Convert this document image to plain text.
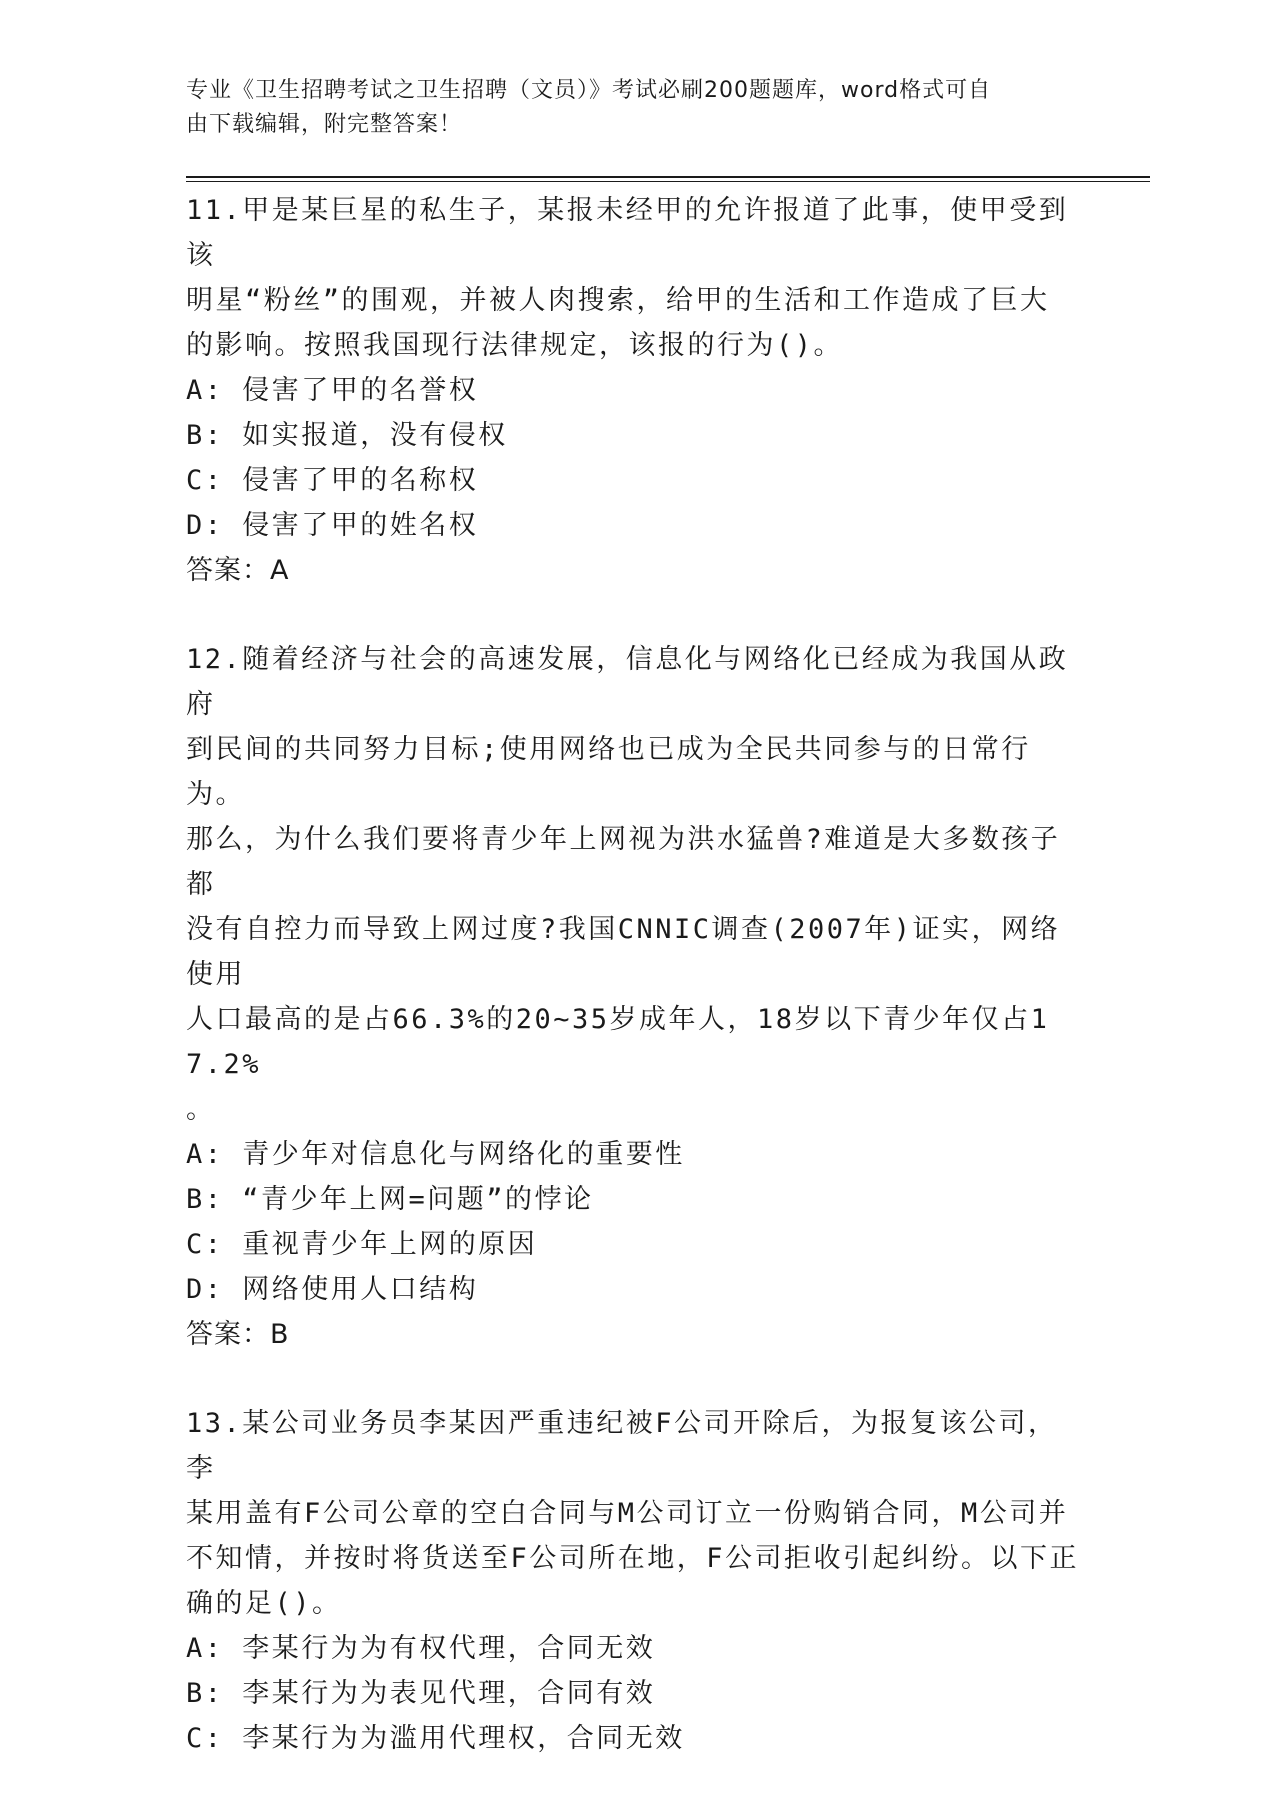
专业《卫生招聘考试之卫生招聘（文员）》考试必刷200题题库，word格式可自
由下载编辑，附完整答案！
11.甲是某巨星的私生子，某报未经甲的允许报道了此事，使甲受到该
明星“粉丝”的围观，并被人肉搜索，给甲的生活和工作造成了巨大
的影响。按照我国现行法律规定，该报的行为()。
A: 侵害了甲的名誉权
B: 如实报道，没有侵权
C: 侵害了甲的名称权
D: 侵害了甲的姓名权
答案：A
12.随着经济与社会的高速发展，信息化与网络化已经成为我国从政府
到民间的共同努力目标;使用网络也已成为全民共同参与的日常行为。
那么，为什么我们要将青少年上网视为洪水猛兽?难道是大多数孩子都
没有自控力而导致上网过度?我国CNNIC调查(2007年)证实，网络使用
人口最高的是占66.3%的20~35岁成年人，18岁以下青少年仅占17.2%
。
A: 青少年对信息化与网络化的重要性
B: “青少年上网=问题”的悖论
C: 重视青少年上网的原因
D: 网络使用人口结构
答案：B
13.某公司业务员李某因严重违纪被F公司开除后，为报复该公司，李
某用盖有F公司公章的空白合同与M公司订立一份购销合同，M公司并
不知情，并按时将货送至F公司所在地，F公司拒收引起纠纷。以下正
确的足()。
A: 李某行为为有权代理，合同无效
B: 李某行为为表见代理，合同有效
C: 李某行为为滥用代理权，合同无效
